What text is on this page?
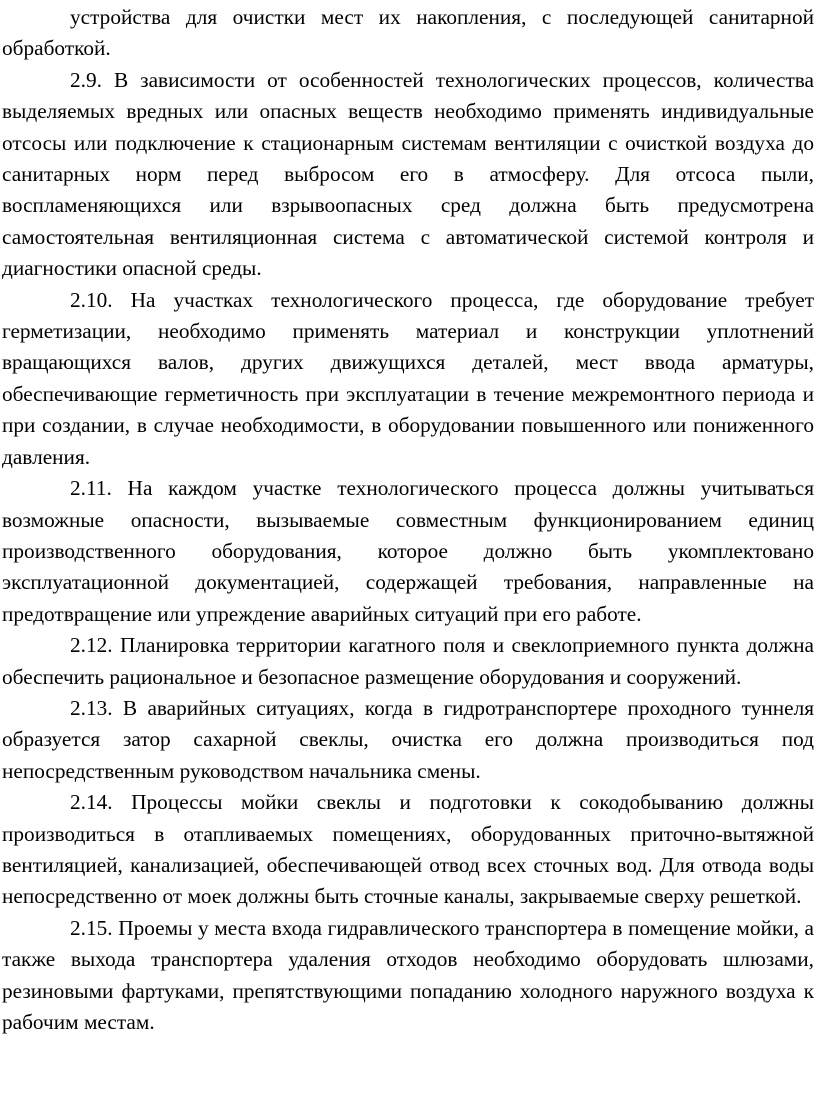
устройства для очистки мест их накопления, с последующей санитарной обработкой.

2.9. В зависимости от особенностей технологических процессов, количества выделяемых вредных или опасных веществ необходимо применять индивидуальные отсосы или подключение к стационарным системам вентиляции с очисткой воздуха до санитарных норм перед выбросом его в атмосферу. Для отсоса пыли, воспламеняющихся или взрывоопасных сред должна быть предусмотрена самостоятельная вентиляционная система с автоматической системой контроля и диагностики опасной среды.

2.10. На участках технологического процесса, где оборудование требует герметизации, необходимо применять материал и конструкции уплотнений вращающихся валов, других движущихся деталей, мест ввода арматуры, обеспечивающие герметичность при эксплуатации в течение межремонтного периода и при создании, в случае необходимости, в оборудовании повышенного или пониженного давления.

2.11. На каждом участке технологического процесса должны учитываться возможные опасности, вызываемые совместным функционированием единиц производственного оборудования, которое должно быть укомплектовано эксплуатационной документацией, содержащей требования, направленные на предотвращение или упреждение аварийных ситуаций при его работе.

2.12. Планировка территории кагатного поля и свеклоприемного пункта должна обеспечить рациональное и безопасное размещение оборудования и сооружений.

2.13. В аварийных ситуациях, когда в гидротранспортере проходного туннеля образуется затор сахарной свеклы, очистка его должна производиться под непосредственным руководством начальника смены.

2.14. Процессы мойки свеклы и подготовки к сокодобыванию должны производиться в отапливаемых помещениях, оборудованных приточно-вытяжной вентиляцией, канализацией, обеспечивающей отвод всех сточных вод. Для отвода воды непосредственно от моек должны быть сточные каналы, закрываемые сверху решеткой.

2.15. Проемы у места входа гидравлического транспортера в помещение мойки, а также выхода транспортера удаления отходов необходимо оборудовать шлюзами, резиновыми фартуками, препятствующими попаданию холодного наружного воздуха к рабочим местам.
